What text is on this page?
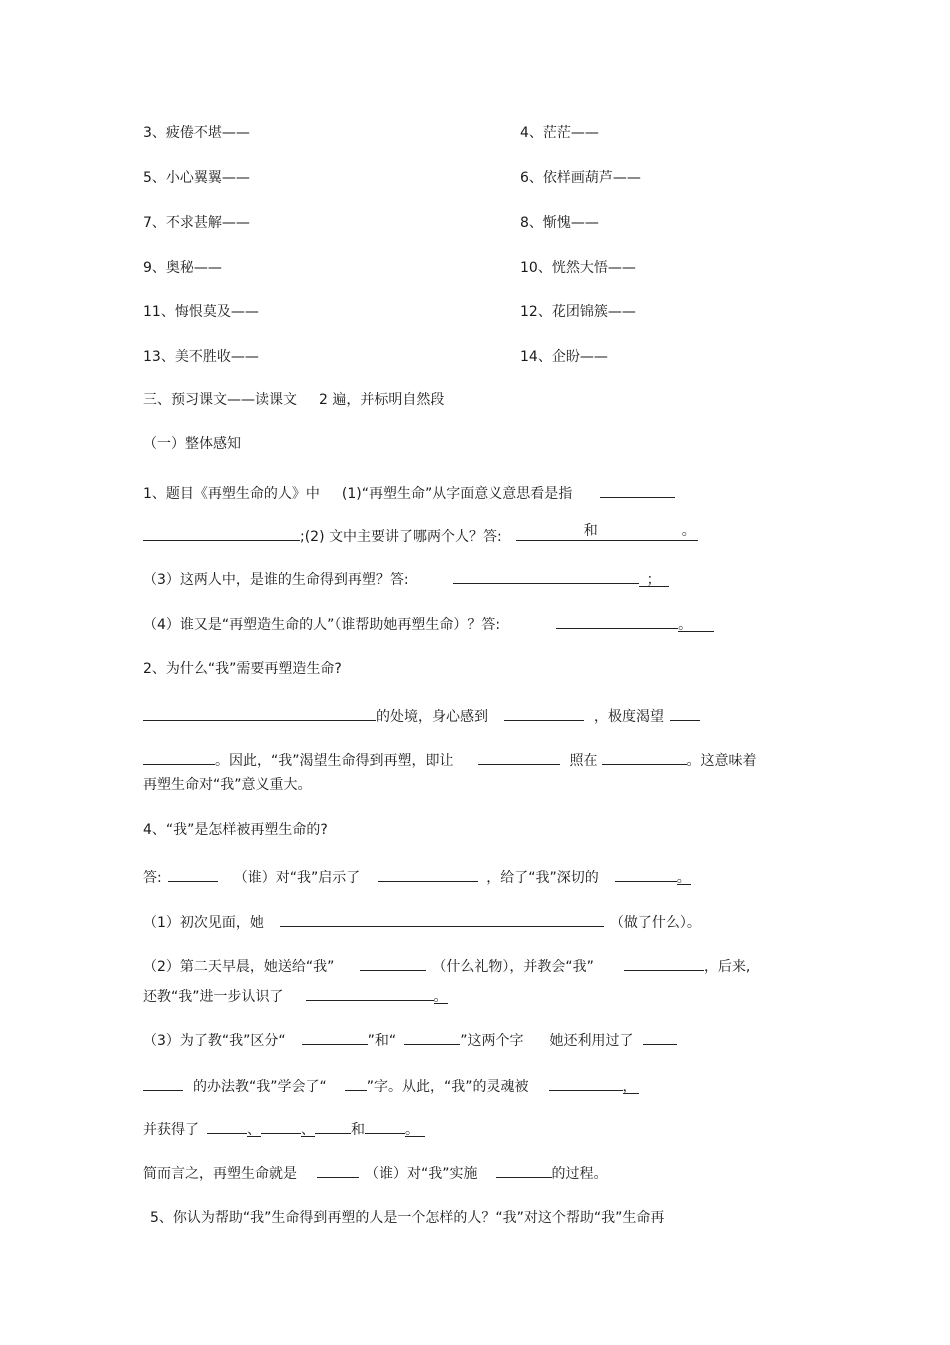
3、疲倦不堪——	4、茫茫——
5、小心翼翼——	6、依样画葫芦——
7、不求甚解——	8、惭愧——
9、奥秘——	10、恍然大悟——
11、悔恨莫及——	12、花团锦簇——
13、美不胜收——	14、企盼——
三、预习课文——读课文 2 遍，并标明自然段
（一）整体感知
1、题目《再塑生命的人》中 (1)“再塑生命”从字面意义意思看是指
;(2) 文中主要讲了哪两个人？答:	和	。
（3）这两人中，是谁的生命得到再塑？答:	；
（4）谁又是“再塑造生命的人”（谁帮助她再塑生命）？答:	。
2、为什么“我”需要再塑造生命?
的处境，身心感到	，极度渴望
。因此，“我”渴望生命得到再塑，即让	照在	。这意味着
再塑生命对“我”意义重大。
4、“我”是怎样被再塑生命的?
答:	（谁）对“我”启示了	，给了“我”深切的	。
（1）初次见面，她	（做了什么）。
（2）第二天早晨，她送给“我”	（什么礼物），并教会“我”	，后来,
还教“我”进一步认识了	。
（3）为了教“我”区分“	”和“	”这两个字 她还利用过了
的办法教“我”学会了“	”字。从此，“我”的灵魂被	，
并获得了	、	、	和	。
简而言之，再塑生命就是	（谁）对“我”实施	的过程。
5、你认为帮助“我”生命得到再塑的人是一个怎样的人？“我”对这个帮助“我”生命再
